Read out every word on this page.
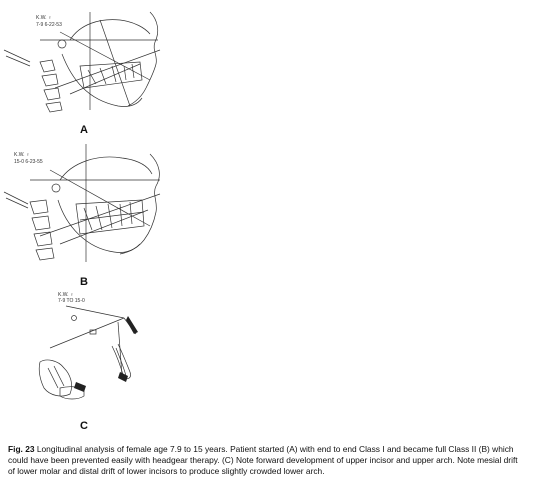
K.W. ♀
7-9 6-22-53
A
K.W. ♀
15-0 6-23-55
B
K.W. ♀
7-9 TO 15-0
C
Fig. 23 Longitudinal analysis of female age 7.9 to 15 years. Patient started (A) with end to end Class I and became full Class II (B) which could have been prevented easily with headgear therapy. (C) Note forward development of upper incisor and upper arch. Note mesial drift of lower molar and distal drift of lower incisors to produce slightly crowded lower arch.
